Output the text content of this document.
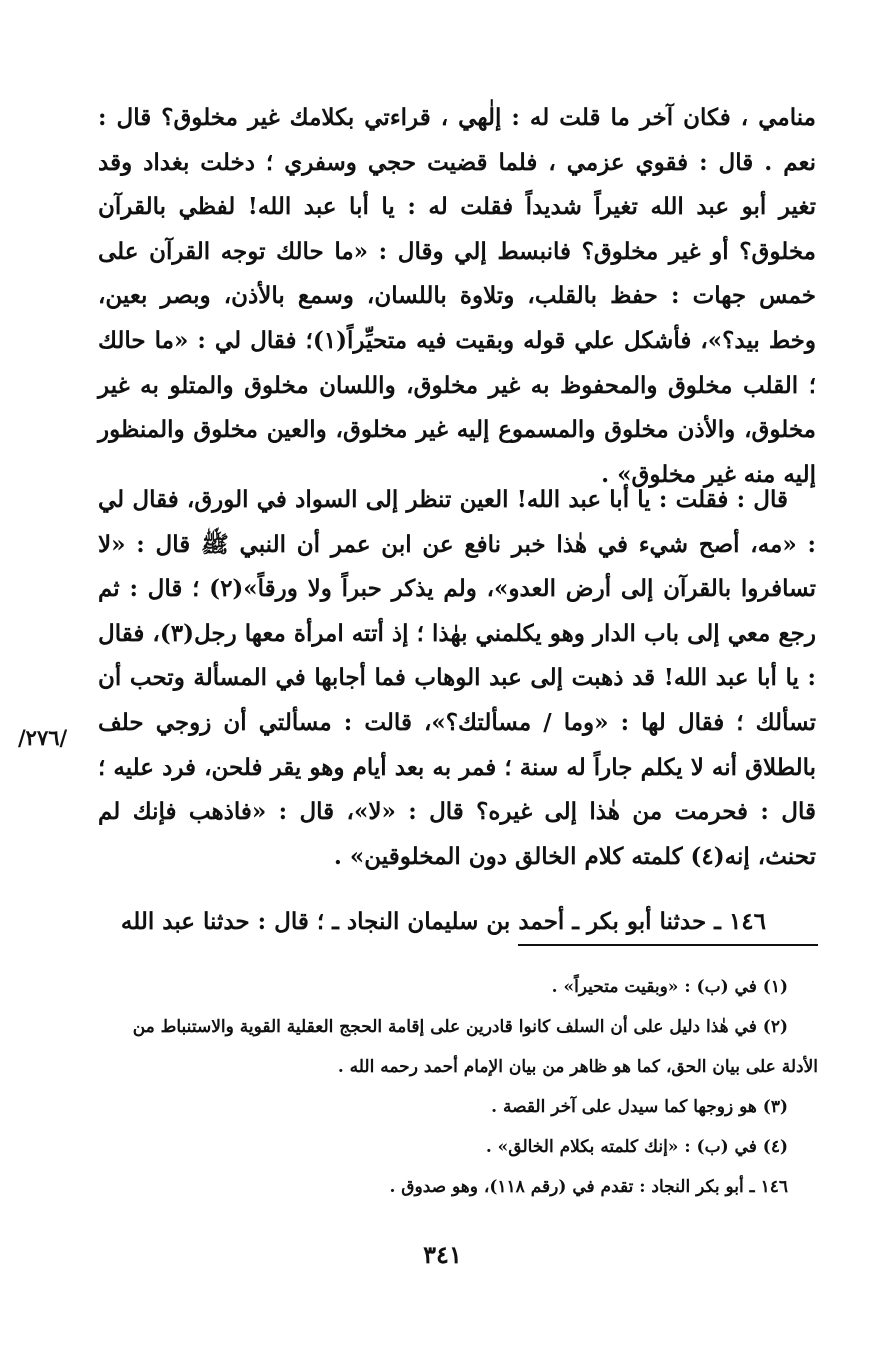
منامي ، فكان آخر ما قلت له : إلٰهي ، قراءتي بكلامك غير مخلوق؟ قال : نعم . قال : فقوي عزمي ، فلما قضيت حجي وسفري ؛ دخلت بغداد وقد تغير أبو عبد الله تغيراً شديداً فقلت له : يا أبا عبد الله! لفظي بالقرآن مخلوق؟ أو غير مخلوق؟ فانبسط إلي وقال : «ما حالك توجه القرآن على خمس جهات : حفظ بالقلب، وتلاوة باللسان، وسمع بالأذن، وبصر بعين، وخط بيد؟»، فأشكل علي قوله وبقيت فيه متحيِّراً(١)؛ فقال لي : «ما حالك ؛ القلب مخلوق والمحفوظ به غير مخلوق، واللسان مخلوق والمتلو به غير مخلوق، والأذن مخلوق والمسموع إليه غير مخلوق، والعين مخلوق والمنظور إليه منه غير مخلوق» .

قال : فقلت : يا أبا عبد الله! العين تنظر إلى السواد في الورق، فقال لي : «مه، أصح شيء في هٰذا خبر نافع عن ابن عمر أن النبي ﷺ قال : «لا تسافروا بالقرآن إلى أرض العدو»، ولم يذكر حبراً ولا ورقاً»(٢) ؛ قال : ثم رجع معي إلى باب الدار وهو يكلمني بهٰذا ؛ إذ أتته امرأة معها رجل(٣)، فقال : يا أبا عبد الله! قد ذهبت إلى عبد الوهاب فما أجابها في المسألة وتحب أن تسألك ؛ فقال لها : «وما / مسألتك؟»، قالت : مسألتي أن زوجي حلف بالطلاق أنه لا يكلم جاراً له سنة ؛ فمر به بعد أيام وهو يقر فلحن، فرد عليه ؛ قال : فحرمت من هٰذا إلى غيره؟ قال : «لا»، قال : «فاذهب فإنك لم تحنث، إنه(٤) كلمته كلام الخالق دون المخلوقين» .

/٢٧٦/
١٤٦ ـ حدثنا أبو بكر ـ أحمد بن سليمان النجاد ـ ؛ قال : حدثنا عبد الله

(١) في (ب) : «وبقيت متحيراً» .

(٢) في هٰذا دليل على أن السلف كانوا قادرين على إقامة الحجج العقلية القوية والاستنباط من الأدلة على بيان الحق، كما هو ظاهر من بيان الإمام أحمد رحمه الله .

(٣) هو زوجها كما سيدل على آخر القصة .

(٤) في (ب) : «إنك كلمته بكلام الخالق» .

١٤٦ ـ أبو بكر النجاد : تقدم في (رقم ١١٨)، وهو صدوق .

٣٤١
